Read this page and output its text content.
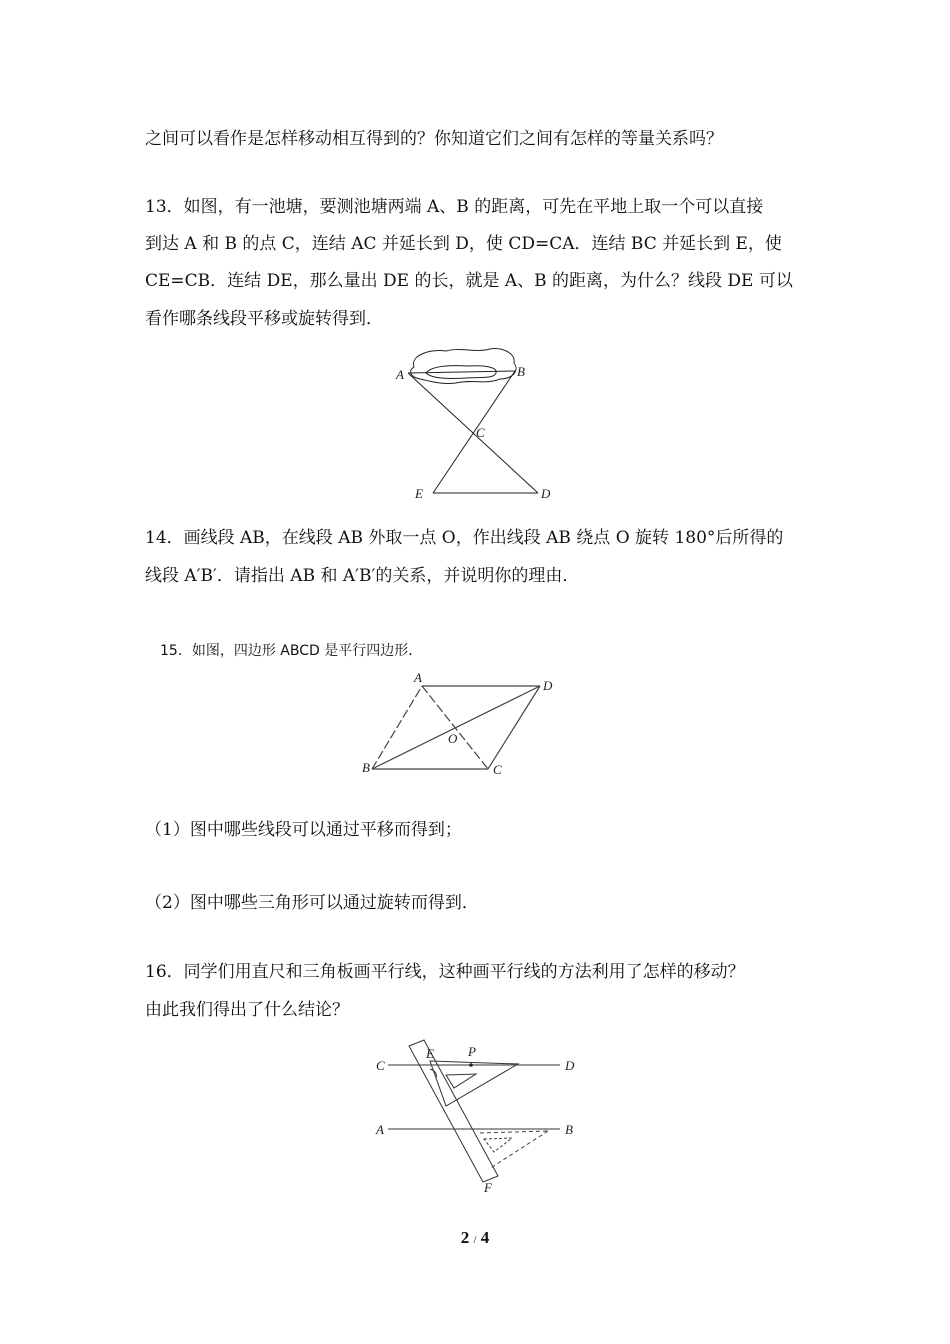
之间可以看作是怎样移动相互得到的？你知道它们之间有怎样的等量关系吗？
13．如图，有一池塘，要测池塘两端 A、B 的距离，可先在平地上取一个可以直接
到达 A 和 B 的点 C，连结 AC 并延长到 D，使 CD=CA．连结 BC 并延长到 E，使
CE=CB．连结 DE，那么量出 DE 的长，就是 A、B 的距离，为什么？线段 DE 可以
看作哪条线段平移或旋转得到．
A	B
C
E	D
14．画线段 AB，在线段 AB 外取一点 O，作出线段 AB 绕点 O 旋转 180°后所得的
线段 A′B′．请指出 AB 和 A′B′的关系，并说明你的理由．
15．如图，四边形 ABCD 是平行四边形．
A
D
O
B	C
（1）图中哪些线段可以通过平移而得到；
（2）图中哪些三角形可以通过旋转而得到．
16．同学们用直尺和三角板画平行线，这种画平行线的方法利用了怎样的移动？
由此我们得出了什么结论？
C
E	P
D
A	B
F
2 / 4
